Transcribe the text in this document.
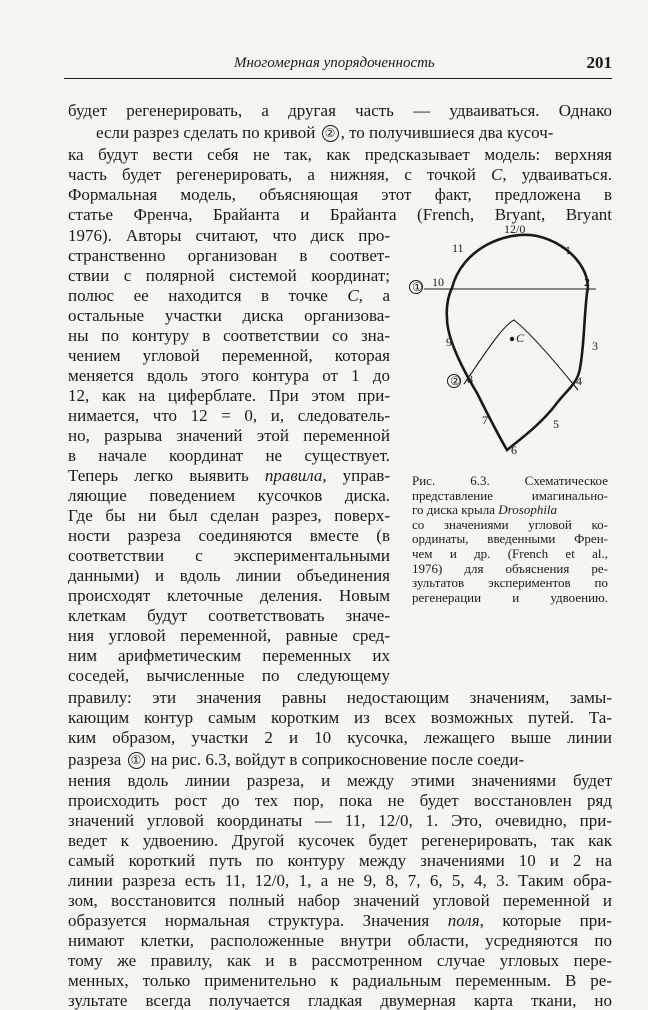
Многомерная упорядоченность	201
будет регенерировать, а другая часть — удваиваться. Однако
если разрез сделать по кривой ② , то получившиеся два кусоч-
ка будут вести себя не так, как предсказывает модель: верхняя
часть будет регенерировать, а нижняя, с точкой C, удваиваться.
Формальная модель, объясняющая этот факт, предложена в
статье Френча, Брайанта и Брайанта (French, Bryant, Bryant
1976). Авторы считают, что диск про-
странственно организован в соответ-
ствии с полярной системой координат;
полюс ее находится в точке C, а
остальные участки диска организова-
ны по контуру в соответствии со зна-
чением угловой переменной, которая
меняется вдоль этого контура от 1 до
12, как на циферблате. При этом при-
нимается, что 12 = 0, и, следователь-
но, разрыва значений этой переменной
в начале координат не существует.
Теперь легко выявить правила, управ-
ляющие поведением кусочков диска.
Где бы ни был сделан разрез, поверх-
ности разреза соединяются вместе (в
соответствии с экспериментальными
данными) и вдоль линии объединения
происходят клеточные деления. Новым
клеткам будут соответствовать значе-
ния угловой переменной, равные сред-
ним арифметическим переменных их
соседей, вычисленные по следующему
правилу: эти значения равны недостающим значениям, замы-
кающим контур самым коротким из всех возможных путей. Та-
ким образом, участки 2 и 10 кусочка, лежащего выше линии
разреза ① на рис. 6.3, войдут в соприкосновение после соеди-
нения вдоль линии разреза, и между этими значениями будет
происходить рост до тех пор, пока не будет восстановлен ряд
значений угловой координаты — 11, 12/0, 1. Это, очевидно, при-
ведет к удвоению. Другой кусочек будет регенерировать, так как
самый короткий путь по контуру между значениями 10 и 2 на
линии разреза есть 11, 12/0, 1, а не 9, 8, 7, 6, 5, 4, 3. Таким обра-
зом, восстановится полный набор значений угловой переменной и
образуется нормальная структура. Значения поля, которые при-
нимают клетки, расположенные внутри области, усредняются по
тому же правилу, как и в рассмотренном случае угловых пере-
менных, только применительно к радиальным переменным. В ре-
зультате всегда получается гладкая двумерная карта ткани, но
C
12/0
1
2
3
4
5
6
7
8
9
10
11
①
②
Рис. 6.3. Схематическое
представление имагинально-
го диска крыла Drosophila
со значениями угловой ко-
ординаты, введенными Френ-
чем и др. (French et al.,
1976) для объяснения ре-
зультатов экспериментов по
регенерации и удвоению.
